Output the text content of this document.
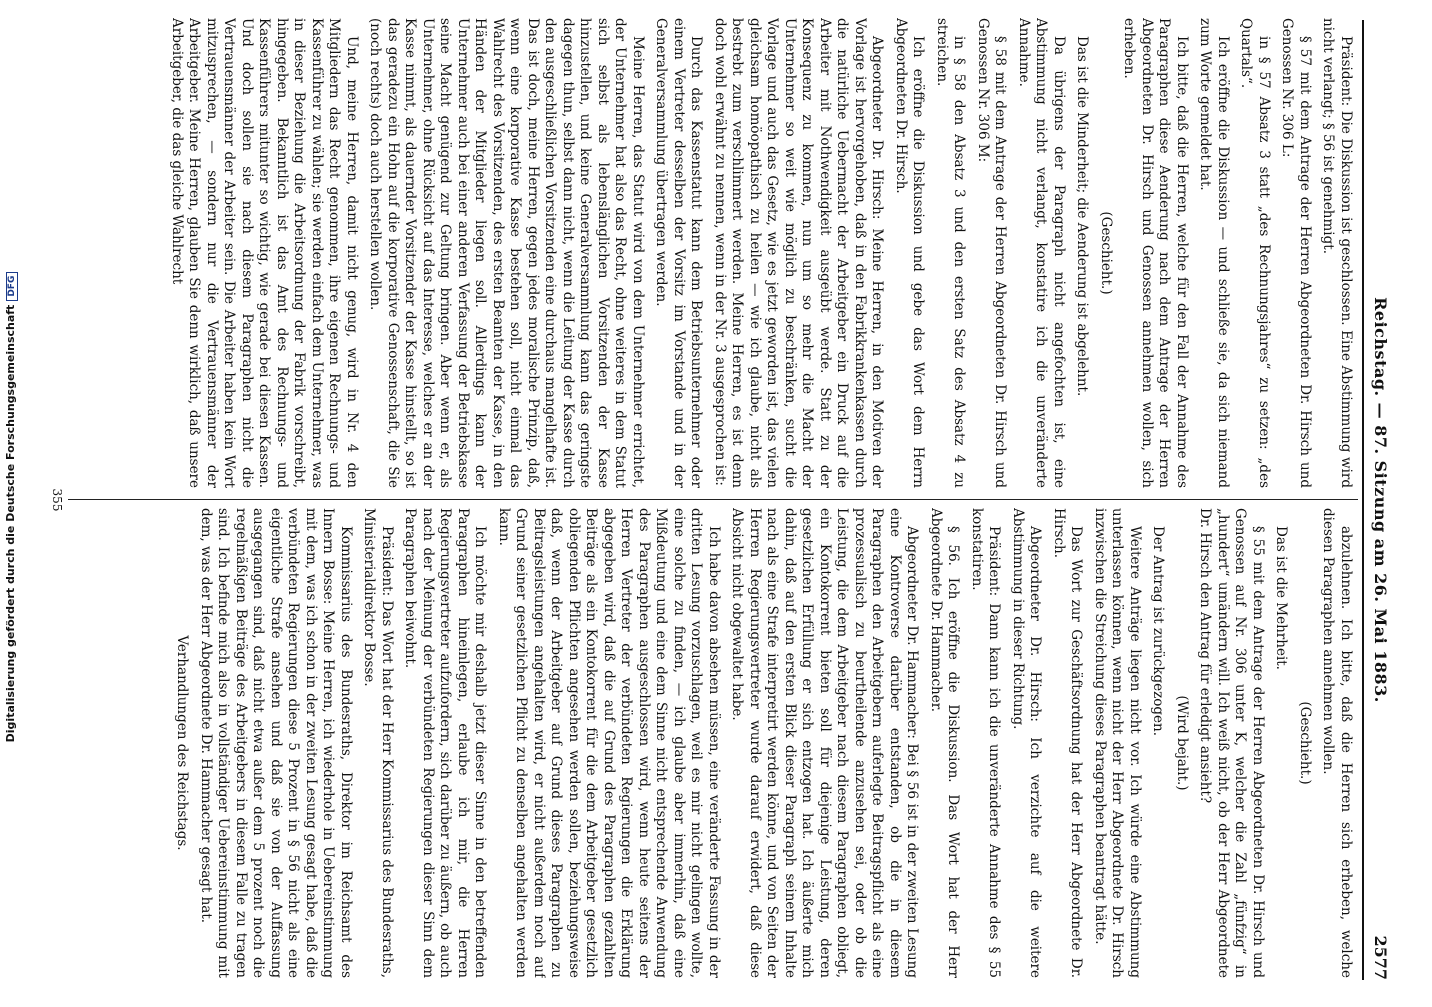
Digitalisierung gefördert durch die Deutsche ForschungsgemeinschaftDFG
Reichstag. — 87. Sitzung am 26. Mai 1883.
2577

Präsident: Die Diskussion ist geschlossen. Eine Abstimmung wird nicht verlangt; § 56 ist genehmigt.

§ 57 mit dem Antrage der Herren Abgeordneten Dr. Hirsch und Genossen Nr. 306 L:

in § 57 Absatz 3 statt „des Rechnungsjahres“ zu setzen: „des Quartals“.

Ich eröffne die Diskussion — und schließe sie, da sich niemand zum Worte gemeldet hat.

Ich bitte, daß die Herren, welche für den Fall der Annahme des Paragraphen diese Aenderung nach dem Antrage der Herren Abgeordneten Dr. Hirsch und Genossen annehmen wollen, sich erheben.

(Geschieht.)

Das ist die Minderheit; die Aenderung ist abgelehnt.

Da übrigens der Paragraph nicht angefochten ist, eine Abstimmung nicht verlangt, konstatire ich die unveränderte Annahme.

§ 58 mit dem Antrage der Herren Abgeordneten Dr. Hirsch und Genossen Nr. 306 M:

in § 58 den Absatz 3 und den ersten Satz des Absatz 4 zu streichen.

Ich eröffne die Diskussion und gebe das Wort dem Herrn Abgeordneten Dr. Hirsch.

Abgeordneter Dr. Hirsch: Meine Herren, in den Motiven der Vorlage ist hervorgehoben, daß in den Fabrikkrankenkassen durch die natürliche Uebermacht der Arbeitgeber ein Druck auf die Arbeiter mit Nothwendigkeit ausgeübt werde. Statt zu der Konsequenz zu kommen, nun um so mehr die Macht der Unternehmer so weit wie möglich zu beschränken, sucht die Vorlage und auch das Gesetz, wie es jetzt geworden ist, das vielen gleichsam homöopathisch zu heilen — wie ich glaube, nicht als bestrebt zum verschlimmert werden. Meine Herren, es ist denn doch wohl erwähnt zu nennen, wenn in der Nr. 3 ausgesprochen ist:

Durch das Kassenstatut kann dem Betriebsunternehmer oder einem Vertreter desselben der Vorsitz im Vorstande und in der Generalversammlung übertragen werden.

Meine Herren, das Statut wird von dem Unternehmer errichtet, der Unternehmer hat also das Recht, ohne weiteres in dem Statut sich selbst als lebenslänglichen Vorsitzenden der Kasse hinzustellen, und keine Generalversammlung kann das geringste dagegen thun, selbst dann nicht, wenn die Leitung der Kasse durch den ausgeschließlichen Vorsitzenden eine durchaus mangelhafte ist. Das ist doch, meine Herren, gegen jedes moralische Prinzip, daß, wenn eine korporative Kasse bestehen soll, nicht einmal das Wahlrecht des Vorsitzenden, des ersten Beamten der Kasse, in den Händen der Mitglieder liegen soll. Allerdings kann der Unternehmer auch bei einer anderen Verfassung der Betriebskasse seine Macht genügend zur Geltung bringen. Aber wenn er, als Unternehmer, ohne Rücksicht auf das Interesse, welches er an der Kasse nimmt, als dauernder Vorsitzender der Kasse hinstellt, so ist das geradezu ein Hohn auf die korporative Genossenschaft, die Sie (noch rechts) doch auch herstellen wollen.

Und, meine Herren, damit nicht genug, wird in Nr. 4 den Mitgliedern das Recht genommen, ihre eigenen Rechnungs- und Kassenführer zu wählen; sie werden einfach dem Unternehmer, was in dieser Beziehung die Arbeitsordnung der Fabrik vorschreibt, hingegeben. Bekanntlich ist das Amt des Rechnungs- und Kassenführers mitunter so wichtig, wie gerade bei diesen Kassen. Und doch sollen sie nach diesem Paragraphen nicht die Vertrauensmänner der Arbeiter sein. Die Arbeiter haben kein Wort mitzusprechen, — sondern nur die Vertrauensmänner der Arbeitgeber. Meine Herren, glauben Sie denn wirklich, daß unsere Arbeitgeber, die das gleiche Wahlrecht

abzulehnen. Ich bitte, daß die Herren sich erheben, welche diesen Paragraphen annehmen wollen.

(Geschieht.)

Das ist die Mehrheit.

§ 55 mit dem Antrage der Herren Abgeordneten Dr. Hirsch und Genossen auf Nr. 306 unter K, welcher die Zahl „fünfzig“ in „hundert“ umändern will. Ich weiß nicht, ob der Herr Abgeordnete Dr. Hirsch den Antrag für erledigt ansieht?

(Wird bejaht.)

Der Antrag ist zurückgezogen.

Weitere Anträge liegen nicht vor. Ich würde eine Abstimmung unterlassen können, wenn nicht der Herr Abgeordnete Dr. Hirsch inzwischen die Streichung dieses Paragraphen beantragt hätte.

Das Wort zur Geschäftsordnung hat der Herr Abgeordnete Dr. Hirsch.

Abgeordneter Dr. Hirsch: Ich verzichte auf die weitere Abstimmung in dieser Richtung.

Präsident: Dann kann ich die unveränderte Annahme des § 55 konstatiren.

§ 56. Ich eröffne die Diskussion. Das Wort hat der Herr Abgeordnete Dr. Hammacher.

Abgeordneter Dr. Hammacher: Bei § 56 ist in der zweiten Lesung eine Kontroverse darüber entstanden, ob die in diesem Paragraphen den Arbeitgebern auferlegte Beitragspflicht als eine prozessualisch zu beurtheilende anzusehen sei, oder ob die Leistung, die dem Arbeitgeber nach diesem Paragraphen obliegt, ein Kontokorrent bieten soll für diejenige Leistung, deren gesetzlichen Erfüllung er sich entzogen hat. Ich äußerte mich dahin, daß auf den ersten Blick dieser Paragraph seinem Inhalte nach als eine Strafe interpretirt werden könne, und von Seiten der Herren Regierungsvertreter wurde darauf erwidert, daß diese Absicht nicht obgewaltet habe.

Ich habe davon absehen müssen, eine veränderte Fassung in der dritten Lesung vorzuschlagen, weil es mir nicht gelingen wollte, eine solche zu finden, — ich glaube aber immerhin, daß eine Mißdeutung und eine dem Sinne nicht entsprechende Anwendung des Paragraphen ausgeschlossen wird, wenn heute seitens der Herren Vertreter der verbündeten Regierungen die Erklärung abgegeben wird, daß die auf Grund des Paragraphen gezahlten Beiträge als ein Kontokorrent für die dem Arbeitgeber gesetzlich obliegenden Pflichten angesehen werden sollen, beziehungsweise daß, wenn der Arbeitgeber auf Grund dieses Paragraphen zu Beitragsleistungen angehalten wird, er nicht außerdem noch auf Grund seiner gesetzlichen Pflicht zu denselben angehalten werden kann.

Ich möchte mir deshalb jetzt dieser Sinne in den betreffenden Paragraphen hineinlegen, erlaube ich mir, die Herren Regierungsvertreter aufzufordern, sich darüber zu äußern, ob auch nach der Meinung der verbündeten Regierungen dieser Sinn dem Paragraphen beiwohnt.

Präsident: Das Wort hat der Herr Kommissarius des Bundesraths, Ministerialdirektor Bosse.

Kommissarius des Bundesraths, Direktor im Reichsamt des Innern Bosse: Meine Herren, ich wiederhole in Uebereinstimmung mit dem, was ich schon in der zweiten Lesung gesagt habe, daß die verbündeten Regierungen diese 5 Prozent in § 56 nicht als eine eigentliche Strafe ansehen und daß sie von der Auffassung ausgegangen sind, daß nicht etwa außer dem 5 prozent noch die regelmäßigen Beiträge des Arbeitgebers in diesem Falle zu tragen sind. Ich befinde mich also in vollständiger Uebereinstimmung mit dem, was der Herr Abgeordnete Dr. Hammacher gesagt hat.

Verhandlungen des Reichstags.

355
